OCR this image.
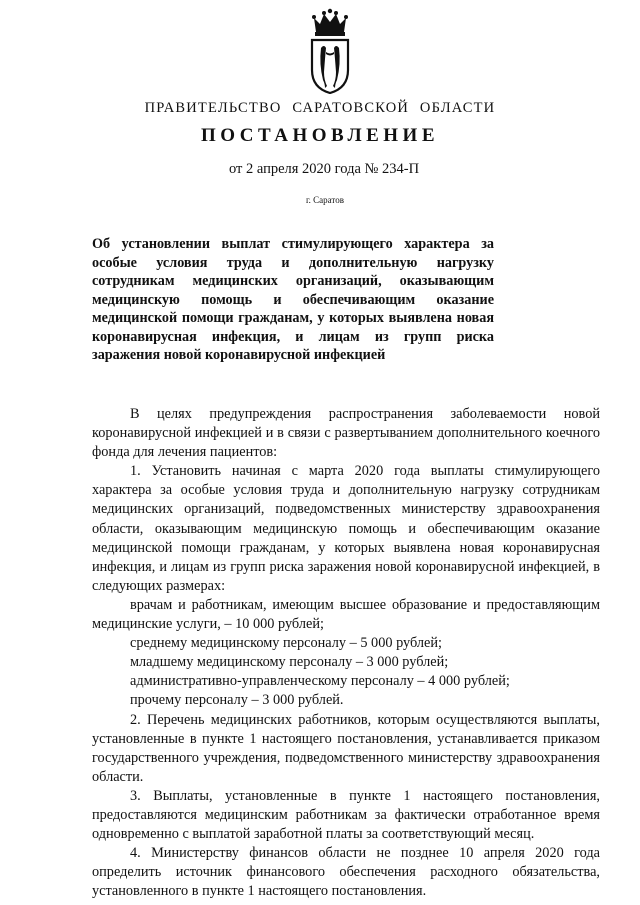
ПРАВИТЕЛЬСТВО САРАТОВСКОЙ ОБЛАСТИ
ПОСТАНОВЛЕНИЕ
от 2 апреля 2020 года № 234-П
г. Саратов
Об установлении выплат стимулирующего характера за особые условия труда и дополнительную нагрузку сотрудникам медицинских организаций, оказывающим медицинскую помощь и обеспечивающим оказание медицинской помощи гражданам, у которых выявлена новая коронавирусная инфекция, и лицам из групп риска заражения новой коронавирусной инфекцией

В целях предупреждения распространения заболеваемости новой коронавирусной инфекцией и в связи с развертыванием дополнительного коечного фонда для лечения пациентов:

1. Установить начиная с марта 2020 года выплаты стимулирующего характера за особые условия труда и дополнительную нагрузку сотрудникам медицинских организаций, подведомственных министерству здравоохранения области, оказывающим медицинскую помощь и обеспечивающим оказание медицинской помощи гражданам, у которых выявлена новая коронавирусная инфекция, и лицам из групп риска заражения новой коронавирусной инфекцией, в следующих размерах:

врачам и работникам, имеющим высшее образование и предоставляющим медицинские услуги, – 10 000 рублей;

среднему медицинскому персоналу – 5 000 рублей;

младшему медицинскому персоналу – 3 000 рублей;

административно-управленческому персоналу – 4 000 рублей;

прочему персоналу – 3 000 рублей.

2. Перечень медицинских работников, которым осуществляются выплаты, установленные в пункте 1 настоящего постановления, устанавливается приказом государственного учреждения, подведомственного министерству здравоохранения области.

3. Выплаты, установленные в пункте 1 настоящего постановления, предоставляются медицинским работникам за фактически отработанное время одновременно с выплатой заработной платы за соответствующий месяц.

4. Министерству финансов области не позднее 10 апреля 2020 года определить источник финансового обеспечения расходного обязательства, установленного в пункте 1 настоящего постановления.
